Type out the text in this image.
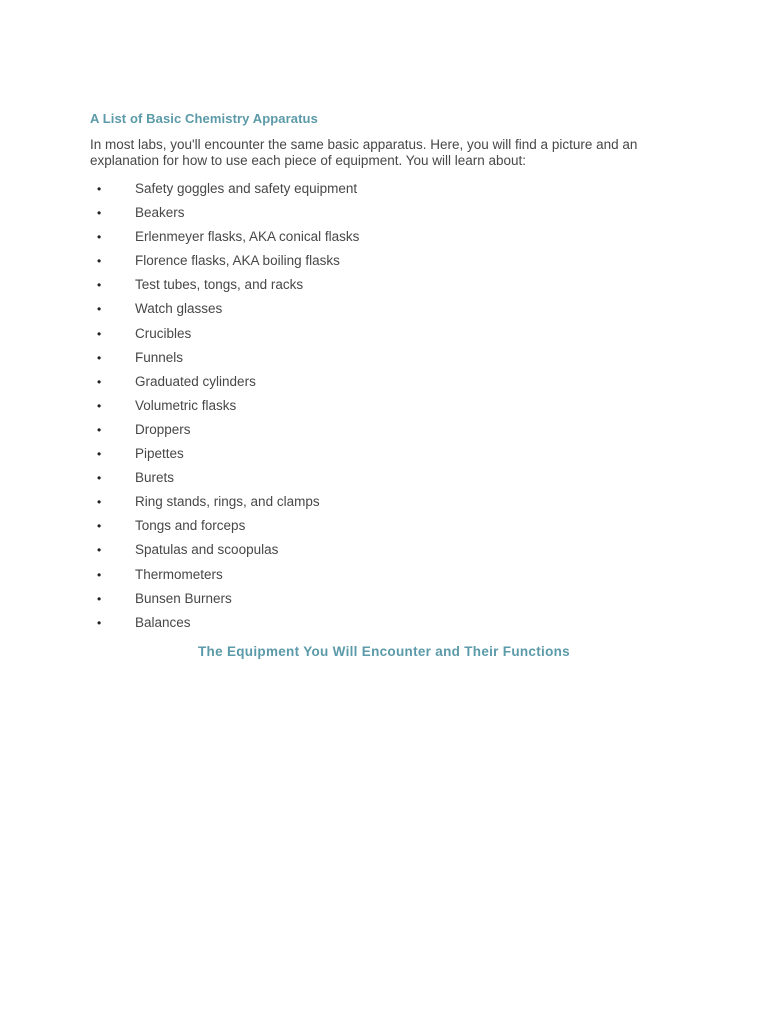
A List of Basic Chemistry Apparatus

In most labs, you'll encounter the same basic apparatus. Here, you will find a picture and an explanation for how to use each piece of equipment. You will learn about:

•	Safety goggles and safety equipment
•	Beakers
•	Erlenmeyer flasks, AKA conical flasks
•	Florence flasks, AKA boiling flasks
•	Test tubes, tongs, and racks
•	Watch glasses
•	Crucibles
•	Funnels
•	Graduated cylinders
•	Volumetric flasks
•	Droppers
•	Pipettes
•	Burets
•	Ring stands, rings, and clamps
•	Tongs and forceps
•	Spatulas and scoopulas
•	Thermometers
•	Bunsen Burners
•	Balances
The Equipment You Will Encounter and Their Functions
